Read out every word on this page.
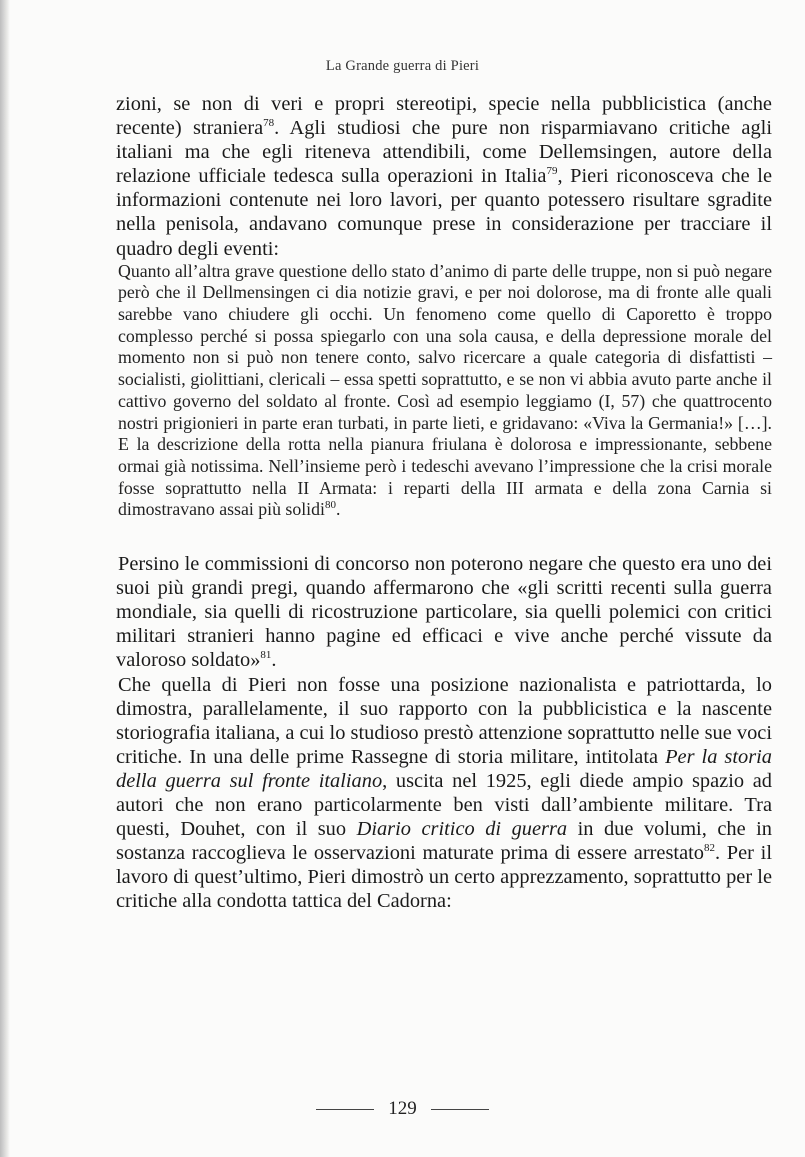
La Grande guerra di Pieri

zioni, se non di veri e propri stereotipi, specie nella pubblicistica (anche recente) straniera$^{78}$. Agli studiosi che pure non risparmiavano critiche agli italiani ma che egli riteneva attendibili, come Dellemsingen, autore della relazione ufficiale tedesca sulla operazioni in Italia$^{79}$, Pieri riconosceva che le informazioni contenute nei loro lavori, per quanto potessero risultare sgradite nella penisola, andavano comunque prese in considerazione per tracciare il quadro degli eventi:

Quanto all’altra grave questione dello stato d’animo di parte delle truppe, non si può negare però che il Dellmensingen ci dia notizie gravi, e per noi dolorose, ma di fronte alle quali sarebbe vano chiudere gli occhi. Un fenomeno come quello di Caporetto è troppo complesso perché si possa spiegarlo con una sola causa, e della depressione morale del momento non si può non tenere conto, salvo ricercare a quale categoria di disfattisti – socialisti, giolittiani, clericali – essa spetti soprattutto, e se non vi abbia avuto parte anche il cattivo governo del soldato al fronte. Così ad esempio leggiamo (I, 57) che quattrocento nostri prigionieri in parte eran turbati, in parte lieti, e gridavano: «Viva la Germania!» […]. E la descrizione della rotta nella pianura friulana è dolorosa e impressionante, sebbene ormai già notissima. Nell’insieme però i tedeschi avevano l’impressione che la crisi morale fosse soprattutto nella II Armata: i reparti della III armata e della zona Carnia si dimostravano assai più solidi$^{80}$.

Persino le commissioni di concorso non poterono negare che questo era uno dei suoi più grandi pregi, quando affermarono che «gli scritti recenti sulla guerra mondiale, sia quelli di ricostruzione particolare, sia quelli polemici con critici militari stranieri hanno pagine ed efficaci e vive anche perché vissute da valoroso soldato»$^{81}$.

Che quella di Pieri non fosse una posizione nazionalista e patriottarda, lo dimostra, parallelamente, il suo rapporto con la pubblicistica e la nascente storiografia italiana, a cui lo studioso prestò attenzione soprattutto nelle sue voci critiche. In una delle prime Rassegne di storia militare, intitolata Per la storia della guerra sul fronte italiano, uscita nel 1925, egli diede ampio spazio ad autori che non erano particolarmente ben visti dall’ambiente militare. Tra questi, Douhet, con il suo Diario critico di guerra in due volumi, che in sostanza raccoglieva le osservazioni maturate prima di essere arrestato$^{82}$. Per il lavoro di quest’ultimo, Pieri dimostrò un certo apprezzamento, soprattutto per le critiche alla condotta tattica del Cadorna:

129
